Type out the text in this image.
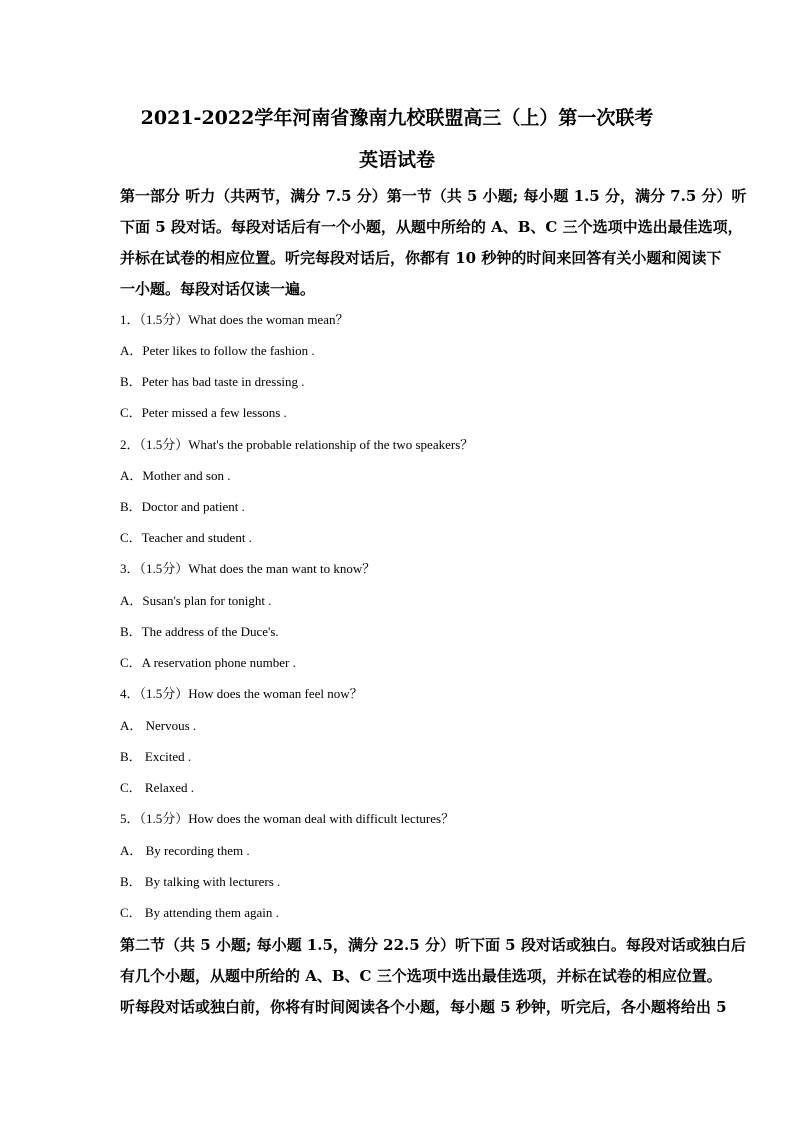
2021-2022学年河南省豫南九校联盟高三（上）第一次联考
英语试卷
第一部分 听力（共两节，满分 7.5 分）第一节（共 5 小题; 每小题 1.5 分，满分 7.5 分）听
下面 5 段对话。每段对话后有一个小题，从题中所给的 A、B、C 三个选项中选出最佳选项，
并标在试卷的相应位置。听完每段对话后，你都有 10 秒钟的时间来回答有关小题和阅读下
一小题。每段对话仅读一遍。
1．（1.5分）What does the woman mean？
A．Peter likes to follow the fashion .
B．Peter has bad taste in dressing .
C．Peter missed a few lessons .
2．（1.5分）What's the probable relationship of the two speakers？
A．Mother and son .
B．Doctor and patient .
C．Teacher and student .
3．（1.5分）What does the man want to know？
A．Susan's plan for tonight .
B．The address of the Duce's.
C．A reservation phone number .
4．（1.5分）How does the woman feel now？
A． Nervous .
B． Excited .
C． Relaxed .
5．（1.5分）How does the woman deal with difficult lectures？
A． By recording them .
B． By talking with lecturers .
C． By attending them again .
第二节（共 5 小题; 每小题 1.5，满分 22.5 分）听下面 5 段对话或独白。每段对话或独白后
有几个小题，从题中所给的 A、B、C 三个选项中选出最佳选项，并标在试卷的相应位置。
听每段对话或独白前，你将有时间阅读各个小题，每小题 5 秒钟，听完后，各小题将给出 5
